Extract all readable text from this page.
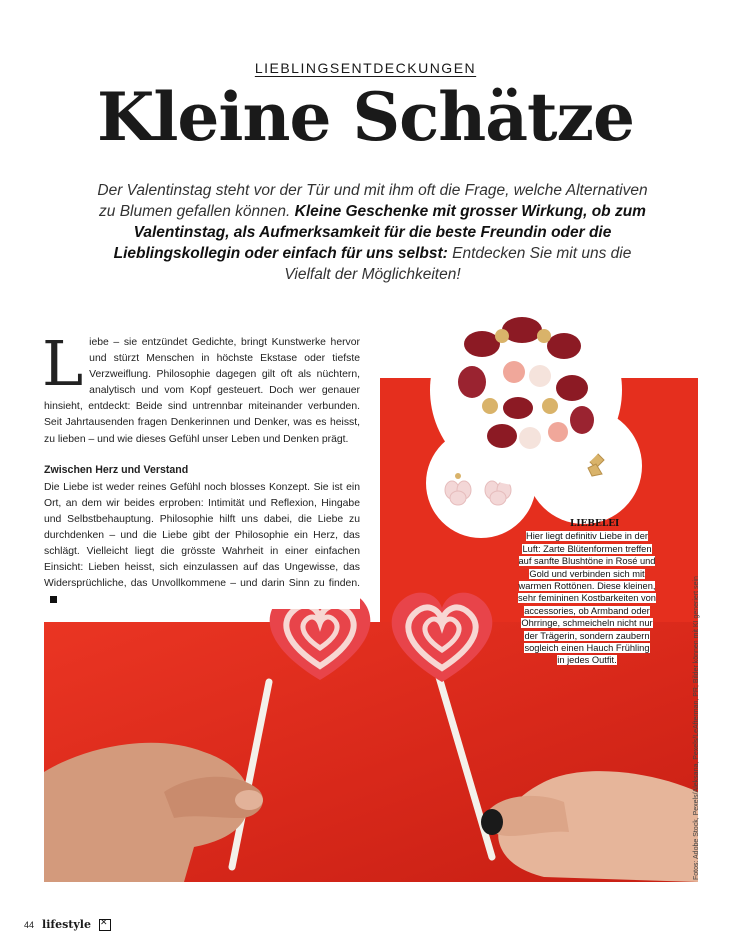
LIEBLINGSENTDECKUNGEN
Kleine Schätze
Der Valentinstag steht vor der Tür und mit ihm oft die Frage, welche Alternativen zu Blumen gefallen können. Kleine Geschenke mit grosser Wirkung, ob zum Valentinstag, als Aufmerksamkeit für die beste Freundin oder die Lieblingskollegin oder einfach für uns selbst: Entdecken Sie mit uns die Vielfalt der Möglichkeiten!

Liebe – sie entzündet Gedichte, bringt Kunstwerke hervor und stürzt Menschen in höchste Ekstase oder tiefste Verzweiflung. Philosophie dagegen gilt oft als nüchtern, analytisch und vom Kopf gesteuert. Doch wer genauer hinsieht, entdeckt: Beide sind untrennbar miteinander verbunden. Seit Jahrtausenden fragen Denkerinnen und Denker, was es heisst, zu lieben – und wie dieses Gefühl unser Leben und Denken prägt.

Zwischen Herz und Verstand

Die Liebe ist weder reines Gefühl noch blosses Konzept. Sie ist ein Ort, an dem wir beides erproben: Intimität und Reflexion, Hingabe und Selbstbehauptung. Philosophie hilft uns dabei, die Liebe zu durchdenken – und die Liebe gibt der Philosophie ein Herz, das schlägt. Vielleicht liegt die grösste Wahrheit in einer einfachen Einsicht: Lieben heisst, sich einzulassen auf das Ungewisse, das Widersprüchliche, das Unvollkommene – und darin Sinn zu finden.

LIEBELEI
Hier liegt definitiv Liebe in der
Luft: Zarte Blütenformen treffen
auf sanfte Blushtöne in Rosé und
Gold und verbinden sich mit
warmen Rottönen. Diese kleinen,
sehr femininen Kostbarkeiten von
accessories, ob Armband oder
Ohrringe, schmeicheln nicht nur
der Trägerin, sondern zaubern
sogleich einen Hauch Frühling
in jedes Outfit.	Fotos: Adobe Stock, Pexels/Aleksana, Pexels/LeAfterman, PR; Bilder können mit KI generiert sein
44 lifestyle
✕
